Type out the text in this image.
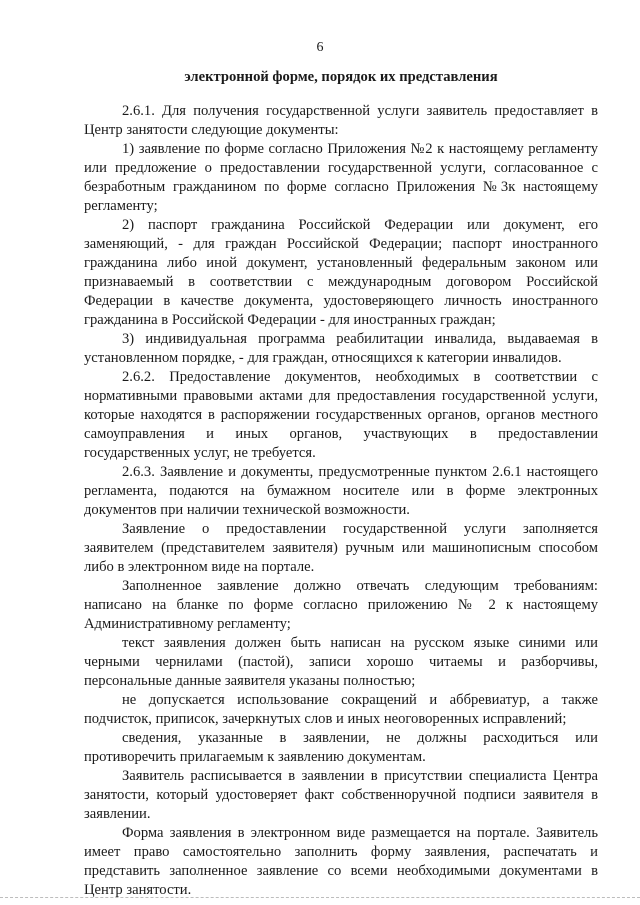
6
электронной форме, порядок их представления

2.6.1. Для получения государственной услуги заявитель предоставляет в Центр занятости следующие документы:

1) заявление по форме согласно Приложения №2 к настоящему регламенту или предложение о предоставлении государственной услуги, согласованное с безработным гражданином по форме согласно Приложения №3к настоящему регламенту;

2) паспорт гражданина Российской Федерации или документ, его заменяющий, - для граждан Российской Федерации; паспорт иностранного гражданина либо иной документ, установленный федеральным законом или признаваемый в соответствии с международным договором Российской Федерации в качестве документа, удостоверяющего личность иностранного гражданина в Российской Федерации - для иностранных граждан;

3) индивидуальная программа реабилитации инвалида, выдаваемая в установленном порядке, - для граждан, относящихся к категории инвалидов.

2.6.2. Предоставление документов, необходимых в соответствии с нормативными правовыми актами для предоставления государственной услуги, которые находятся в распоряжении государственных органов, органов местного самоуправления и иных органов, участвующих в предоставлении государственных услуг, не требуется.

2.6.3. Заявление и документы, предусмотренные пунктом 2.6.1 настоящего регламента, подаются на бумажном носителе или в форме электронных документов при наличии технической возможности.

Заявление о предоставлении государственной услуги заполняется заявителем (представителем заявителя) ручным или машинописным способом либо в электронном виде на портале.

Заполненное заявление должно отвечать следующим требованиям: написано на бланке по форме согласно приложению № 2 к настоящему Административному регламенту;

текст заявления должен быть написан на русском языке синими или черными чернилами (пастой), записи хорошо читаемы и разборчивы, персональные данные заявителя указаны полностью;

не допускается использование сокращений и аббревиатур, а также подчисток, приписок, зачеркнутых слов и иных неоговоренных исправлений;

сведения, указанные в заявлении, не должны расходиться или противоречить прилагаемым к заявлению документам.

Заявитель расписывается в заявлении в присутствии специалиста Центра занятости, который удостоверяет факт собственноручной подписи заявителя в заявлении.

Форма заявления в электронном виде размещается на портале. Заявитель имеет право самостоятельно заполнить форму заявления, распечатать и представить заполненное заявление со всеми необходимыми документами в Центр занятости.
